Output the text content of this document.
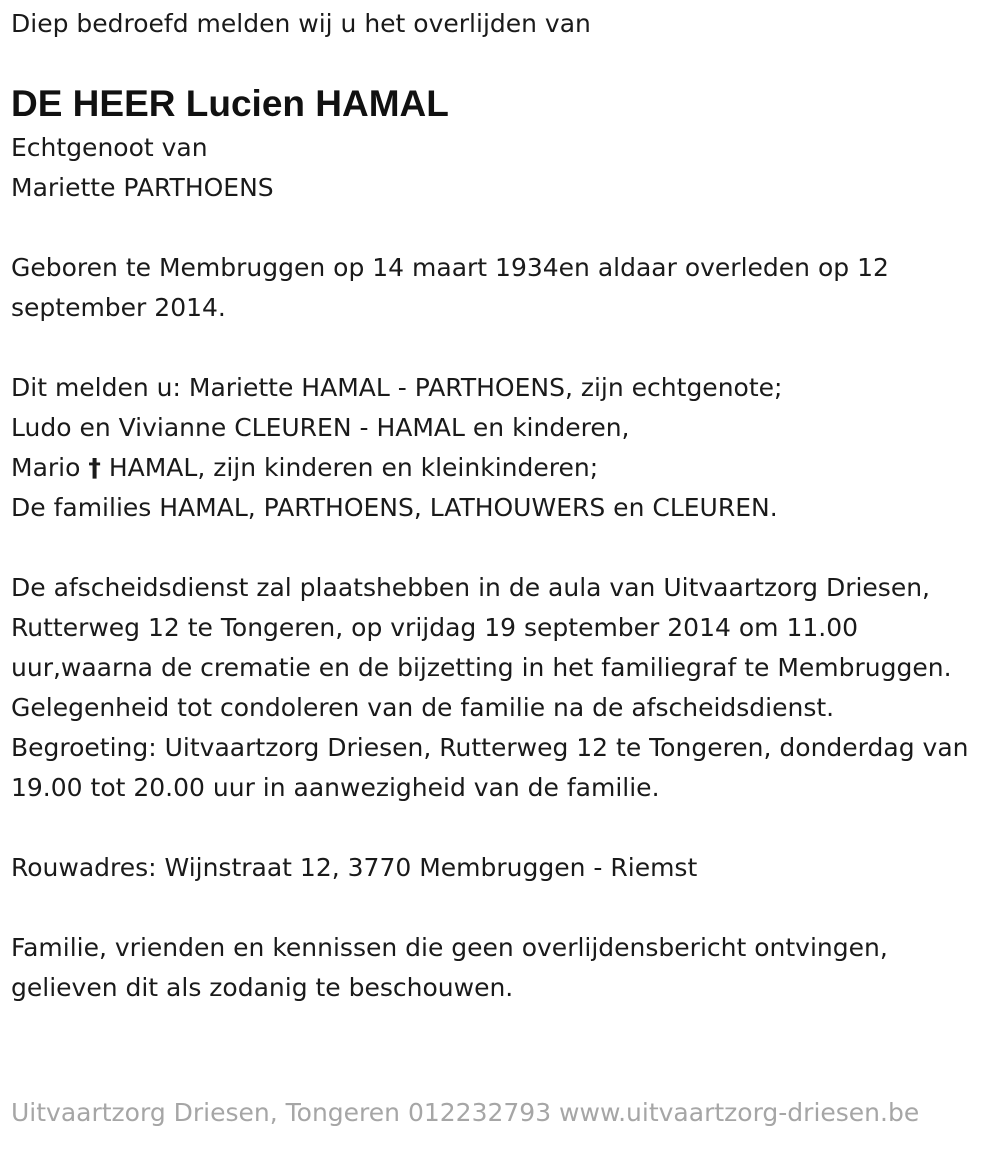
Diep bedroefd melden wij u het overlijden van
DE HEER Lucien HAMAL
Echtgenoot van
Mariette PARTHOENS
Geboren te Membruggen op 14 maart 1934en aldaar overleden op 12 september 2014.
Dit melden u: Mariette HAMAL - PARTHOENS, zijn echtgenote;
Ludo en Vivianne CLEUREN - HAMAL en kinderen,
Mario † HAMAL, zijn kinderen en kleinkinderen;
De families HAMAL, PARTHOENS, LATHOUWERS en CLEUREN.
De afscheidsdienst zal plaatshebben in de aula van Uitvaartzorg Driesen, Rutterweg 12 te Tongeren, op vrijdag 19 september 2014 om 11.00 uur,waarna de crematie en de bijzetting in het familiegraf te Membruggen.
Gelegenheid tot condoleren van de familie na de afscheidsdienst.
Begroeting: Uitvaartzorg Driesen, Rutterweg 12 te Tongeren, donderdag van 19.00 tot 20.00 uur in aanwezigheid van de familie.
Rouwadres: Wijnstraat 12, 3770 Membruggen - Riemst
Familie, vrienden en kennissen die geen overlijdensbericht ontvingen, gelieven dit als zodanig te beschouwen.
Uitvaartzorg Driesen, Tongeren 012232793 www.uitvaartzorg-driesen.be
